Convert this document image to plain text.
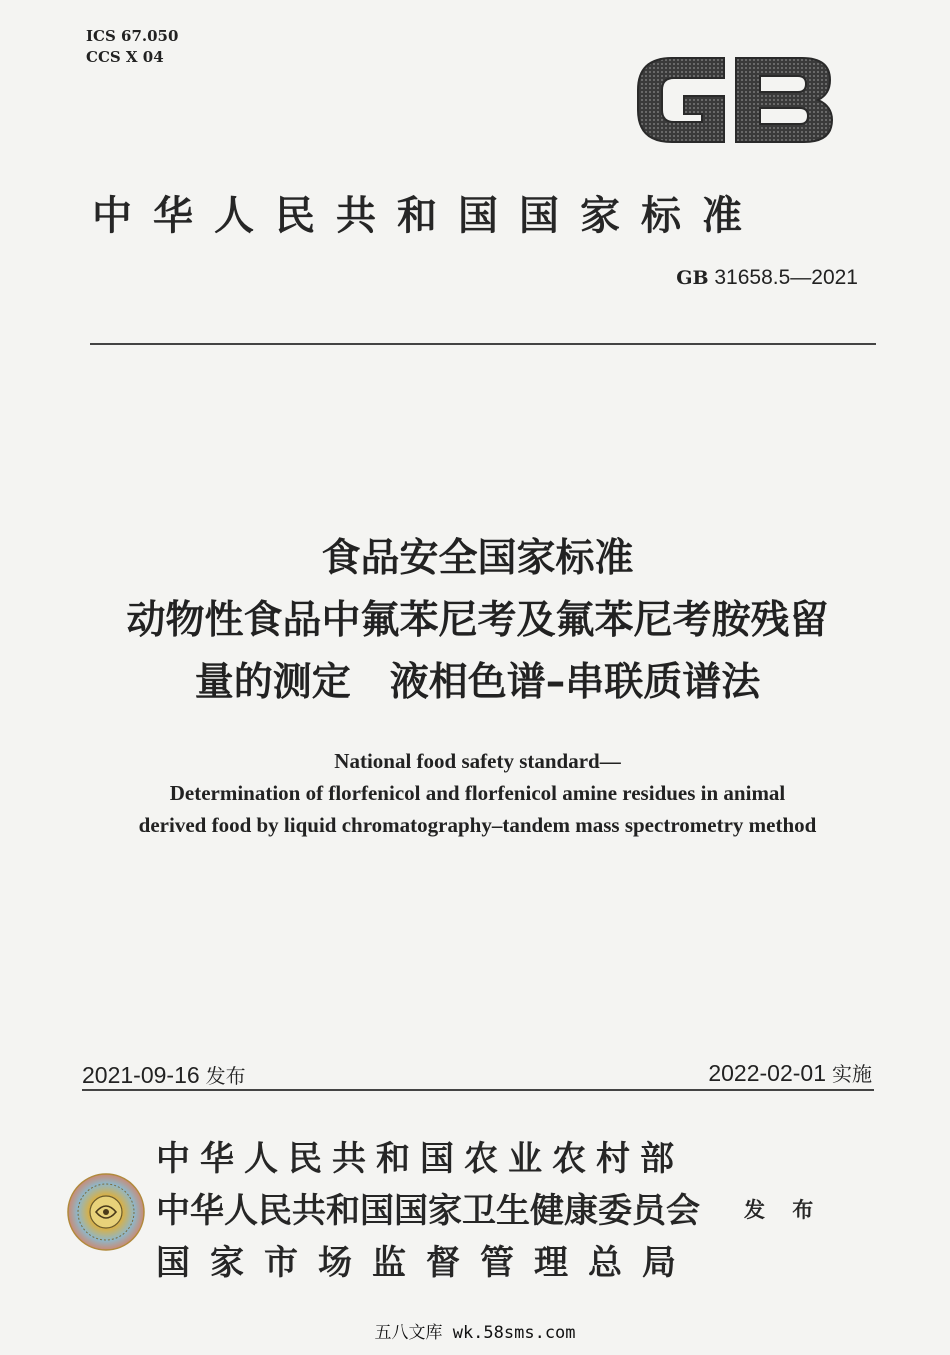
ICS 67.050
CCS X 04
中华人民共和国国家标准
GB 31658.5—2021
食品安全国家标准
动物性食品中氟苯尼考及氟苯尼考胺残留
量的测定　液相色谱–串联质谱法
National food safety standard—
Determination of florfenicol and florfenicol amine residues in animal
derived food by liquid chromatography–tandem mass spectrometry method
2021-09-16 发布	2022-02-01 实施
中华人民共和国农业农村部
中华人民共和国国家卫生健康委员会
国家市场监督管理总局
发 布
五八文库 wk.58sms.com
